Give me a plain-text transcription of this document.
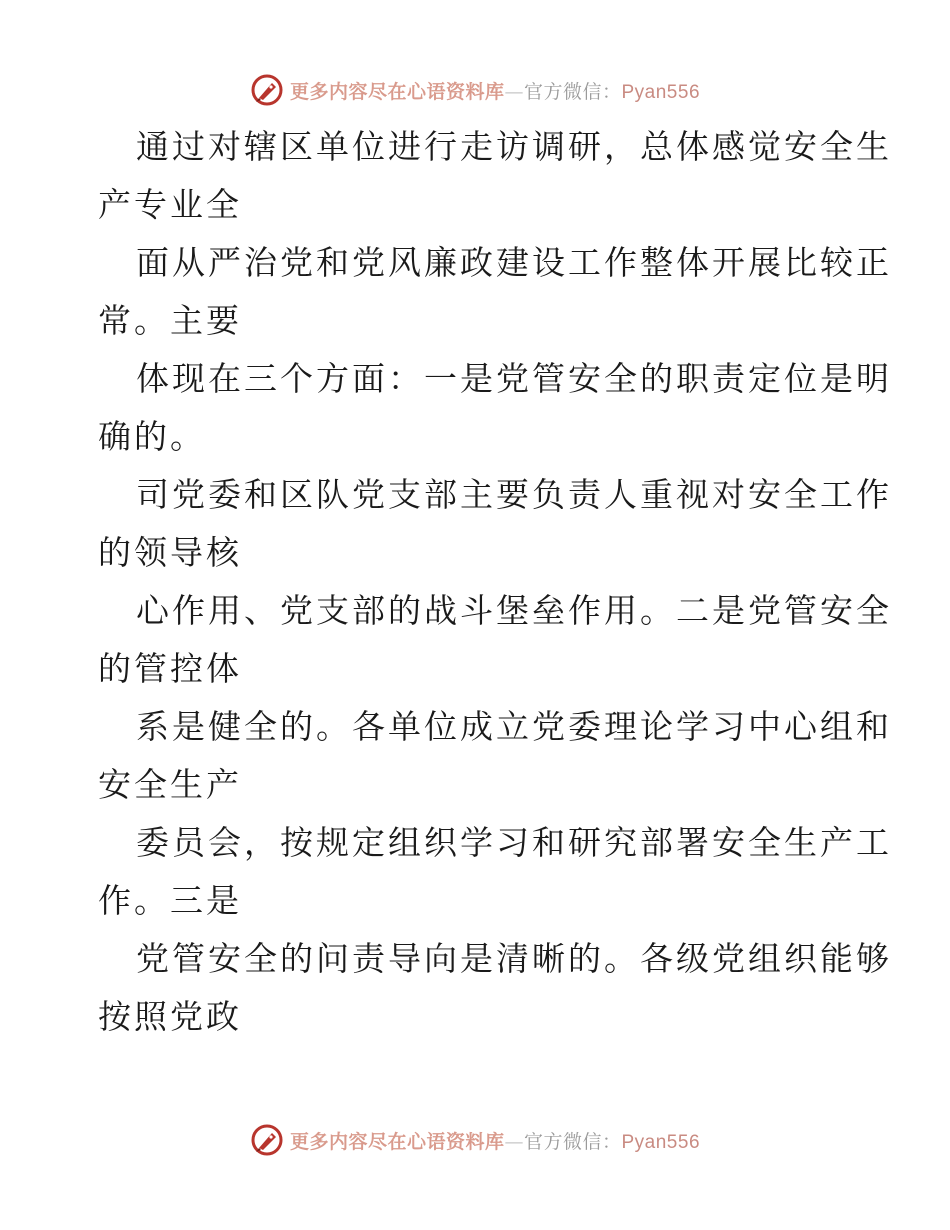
更多内容尽在心语资料库—官方微信：Pyan556
通过对辖区单位进行走访调研，总体感觉安全生
产专业全
面从严治党和党风廉政建设工作整体开展比较正
常。主要
体现在三个方面：一是党管安全的职责定位是明
确的。
司党委和区队党支部主要负责人重视对安全工作
的领导核
心作用、党支部的战斗堡垒作用。二是党管安全
的管控体
系是健全的。各单位成立党委理论学习中心组和
安全生产
委员会，按规定组织学习和研究部署安全生产工
作。三是
党管安全的问责导向是清晰的。各级党组织能够
按照党政
更多内容尽在心语资料库—官方微信：Pyan556
